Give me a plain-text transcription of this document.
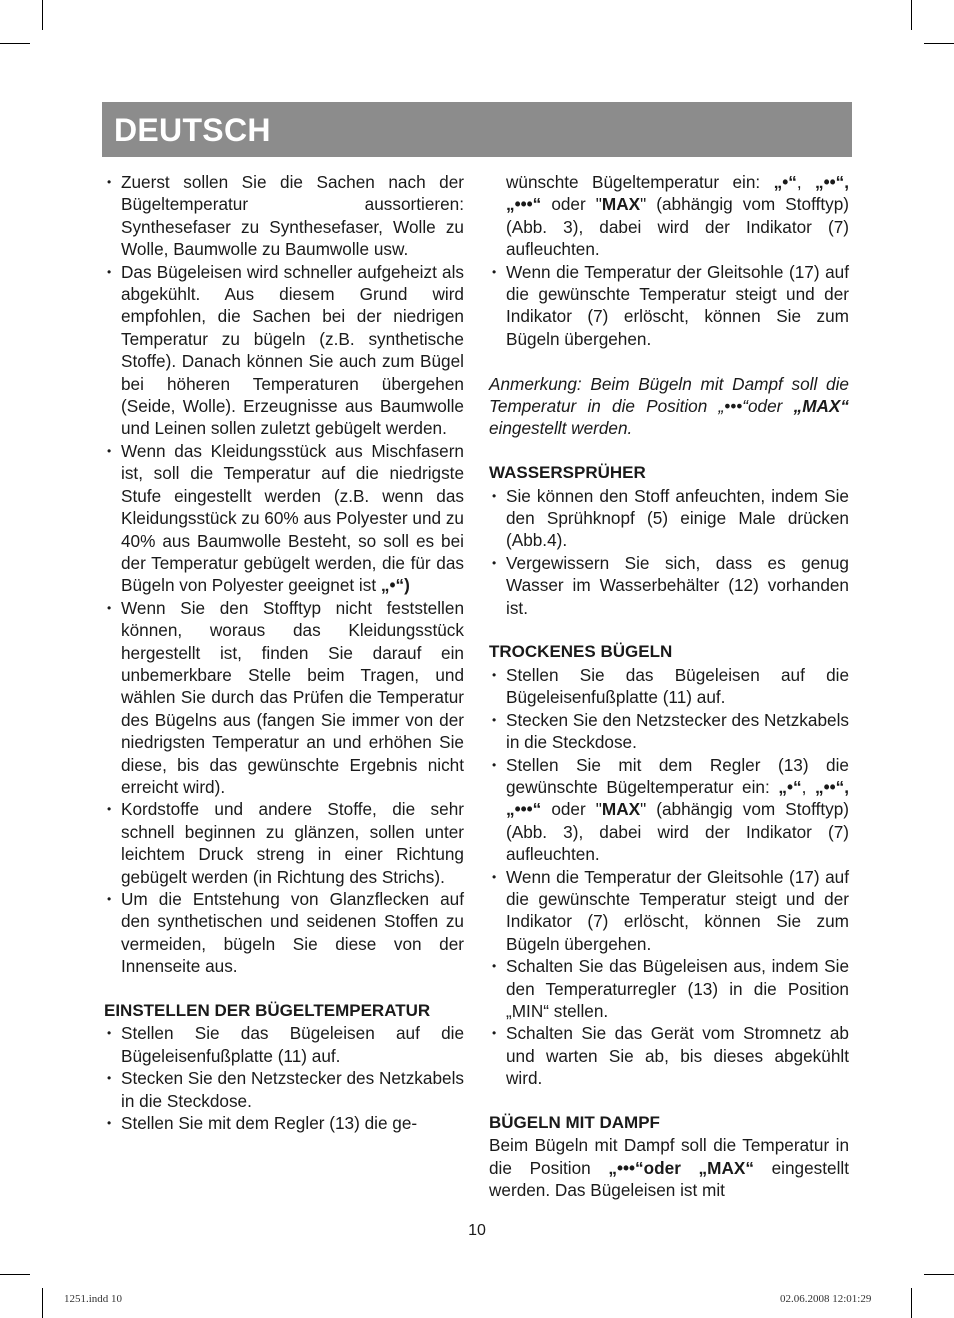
DEUTSCH
• Zuerst sollen Sie die Sachen nach der Bügeltemperatur aussortieren: Synthesefaser zu Synthesefaser, Wolle zu Wolle, Baumwolle zu Baumwolle usw.
• Das Bügeleisen wird schneller aufgeheizt als abgekühlt. Aus diesem Grund wird empfohlen, die Sachen bei der niedrigen Temperatur zu bügeln (z.B. synthetische Stoffe). Danach können Sie auch zum Bügel bei höheren Temperaturen übergehen (Seide, Wolle). Erzeugnisse aus Baumwolle und Leinen sollen zuletzt gebügelt werden.
• Wenn das Kleidungsstück aus Mischfasern ist, soll die Temperatur auf die niedrigste Stufe eingestellt werden (z.B. wenn das Kleidungsstück zu 60% aus Polyester und zu 40% aus Baumwolle Besteht, so soll es bei der Temperatur gebügelt werden, die für das Bügeln von Polyester geeignet ist „•“)
• Wenn Sie den Stofftyp nicht feststellen können, woraus das Kleidungsstück hergestellt ist, finden Sie darauf ein unbemerkbare Stelle beim Tragen, und wählen Sie durch das Prüfen die Temperatur des Bügelns aus (fangen Sie immer von der niedrigsten Temperatur an und erhöhen Sie diese, bis das gewünschte Ergebnis nicht erreicht wird).
• Kordstoffe und andere Stoffe, die sehr schnell beginnen zu glänzen, sollen unter leichtem Druck streng in einer Richtung gebügelt werden (in Richtung des Strichs).
• Um die Entstehung von Glanzflecken auf den synthetischen und seidenen Stoffen zu vermeiden, bügeln Sie diese von der Innenseite aus.
EINSTELLEN DER BÜGELTEMPERATUR
• Stellen Sie das Bügeleisen auf die Bügeleisenfußplatte (11) auf.
• Stecken Sie den Netzstecker des Netzkabels in die Steckdose.
• Stellen Sie mit dem Regler (13) die ge-
wünschte Bügeltemperatur ein: „•“, „••“, „•••“ oder "MAX" (abhängig vom Stofftyp) (Abb. 3), dabei wird der Indikator (7) aufleuchten.
• Wenn die Temperatur der Gleitsohle (17) auf die gewünschte Temperatur steigt und der Indikator (7) erlöscht, können Sie zum Bügeln übergehen.

Anmerkung: Beim Bügeln mit Dampf soll die Temperatur in die Position „•••“oder „MAX“ eingestellt werden.

WASSERSPRÜHER
• Sie können den Stoff anfeuchten, indem Sie den Sprühknopf (5) einige Male drücken (Abb.4).
• Vergewissern Sie sich, dass es genug Wasser im Wasserbehälter (12) vorhanden ist.
TROCKENES BÜGELN
• Stellen Sie das Bügeleisen auf die Bügeleisenfußplatte (11) auf.
• Stecken Sie den Netzstecker des Netzkabels in die Steckdose.
• Stellen Sie mit dem Regler (13) die gewünschte Bügeltemperatur ein: „•“, „••“, „•••“ oder "MAX" (abhängig vom Stofftyp) (Abb. 3), dabei wird der Indikator (7) aufleuchten.
• Wenn die Temperatur der Gleitsohle (17) auf die gewünschte Temperatur steigt und der Indikator (7) erlöscht, können Sie zum Bügeln übergehen.
• Schalten Sie das Bügeleisen aus, indem Sie den Temperaturregler (13) in die Position „MIN“ stellen.
• Schalten Sie das Gerät vom Stromnetz ab und warten Sie ab, bis dieses abgekühlt wird.
BÜGELN MIT DAMPF

Beim Bügeln mit Dampf soll die Temperatur in die Position „•••“oder „MAX“ eingestellt werden. Das Bügeleisen ist mit

10
1251.indd 10	02.06.2008 12:01:29
